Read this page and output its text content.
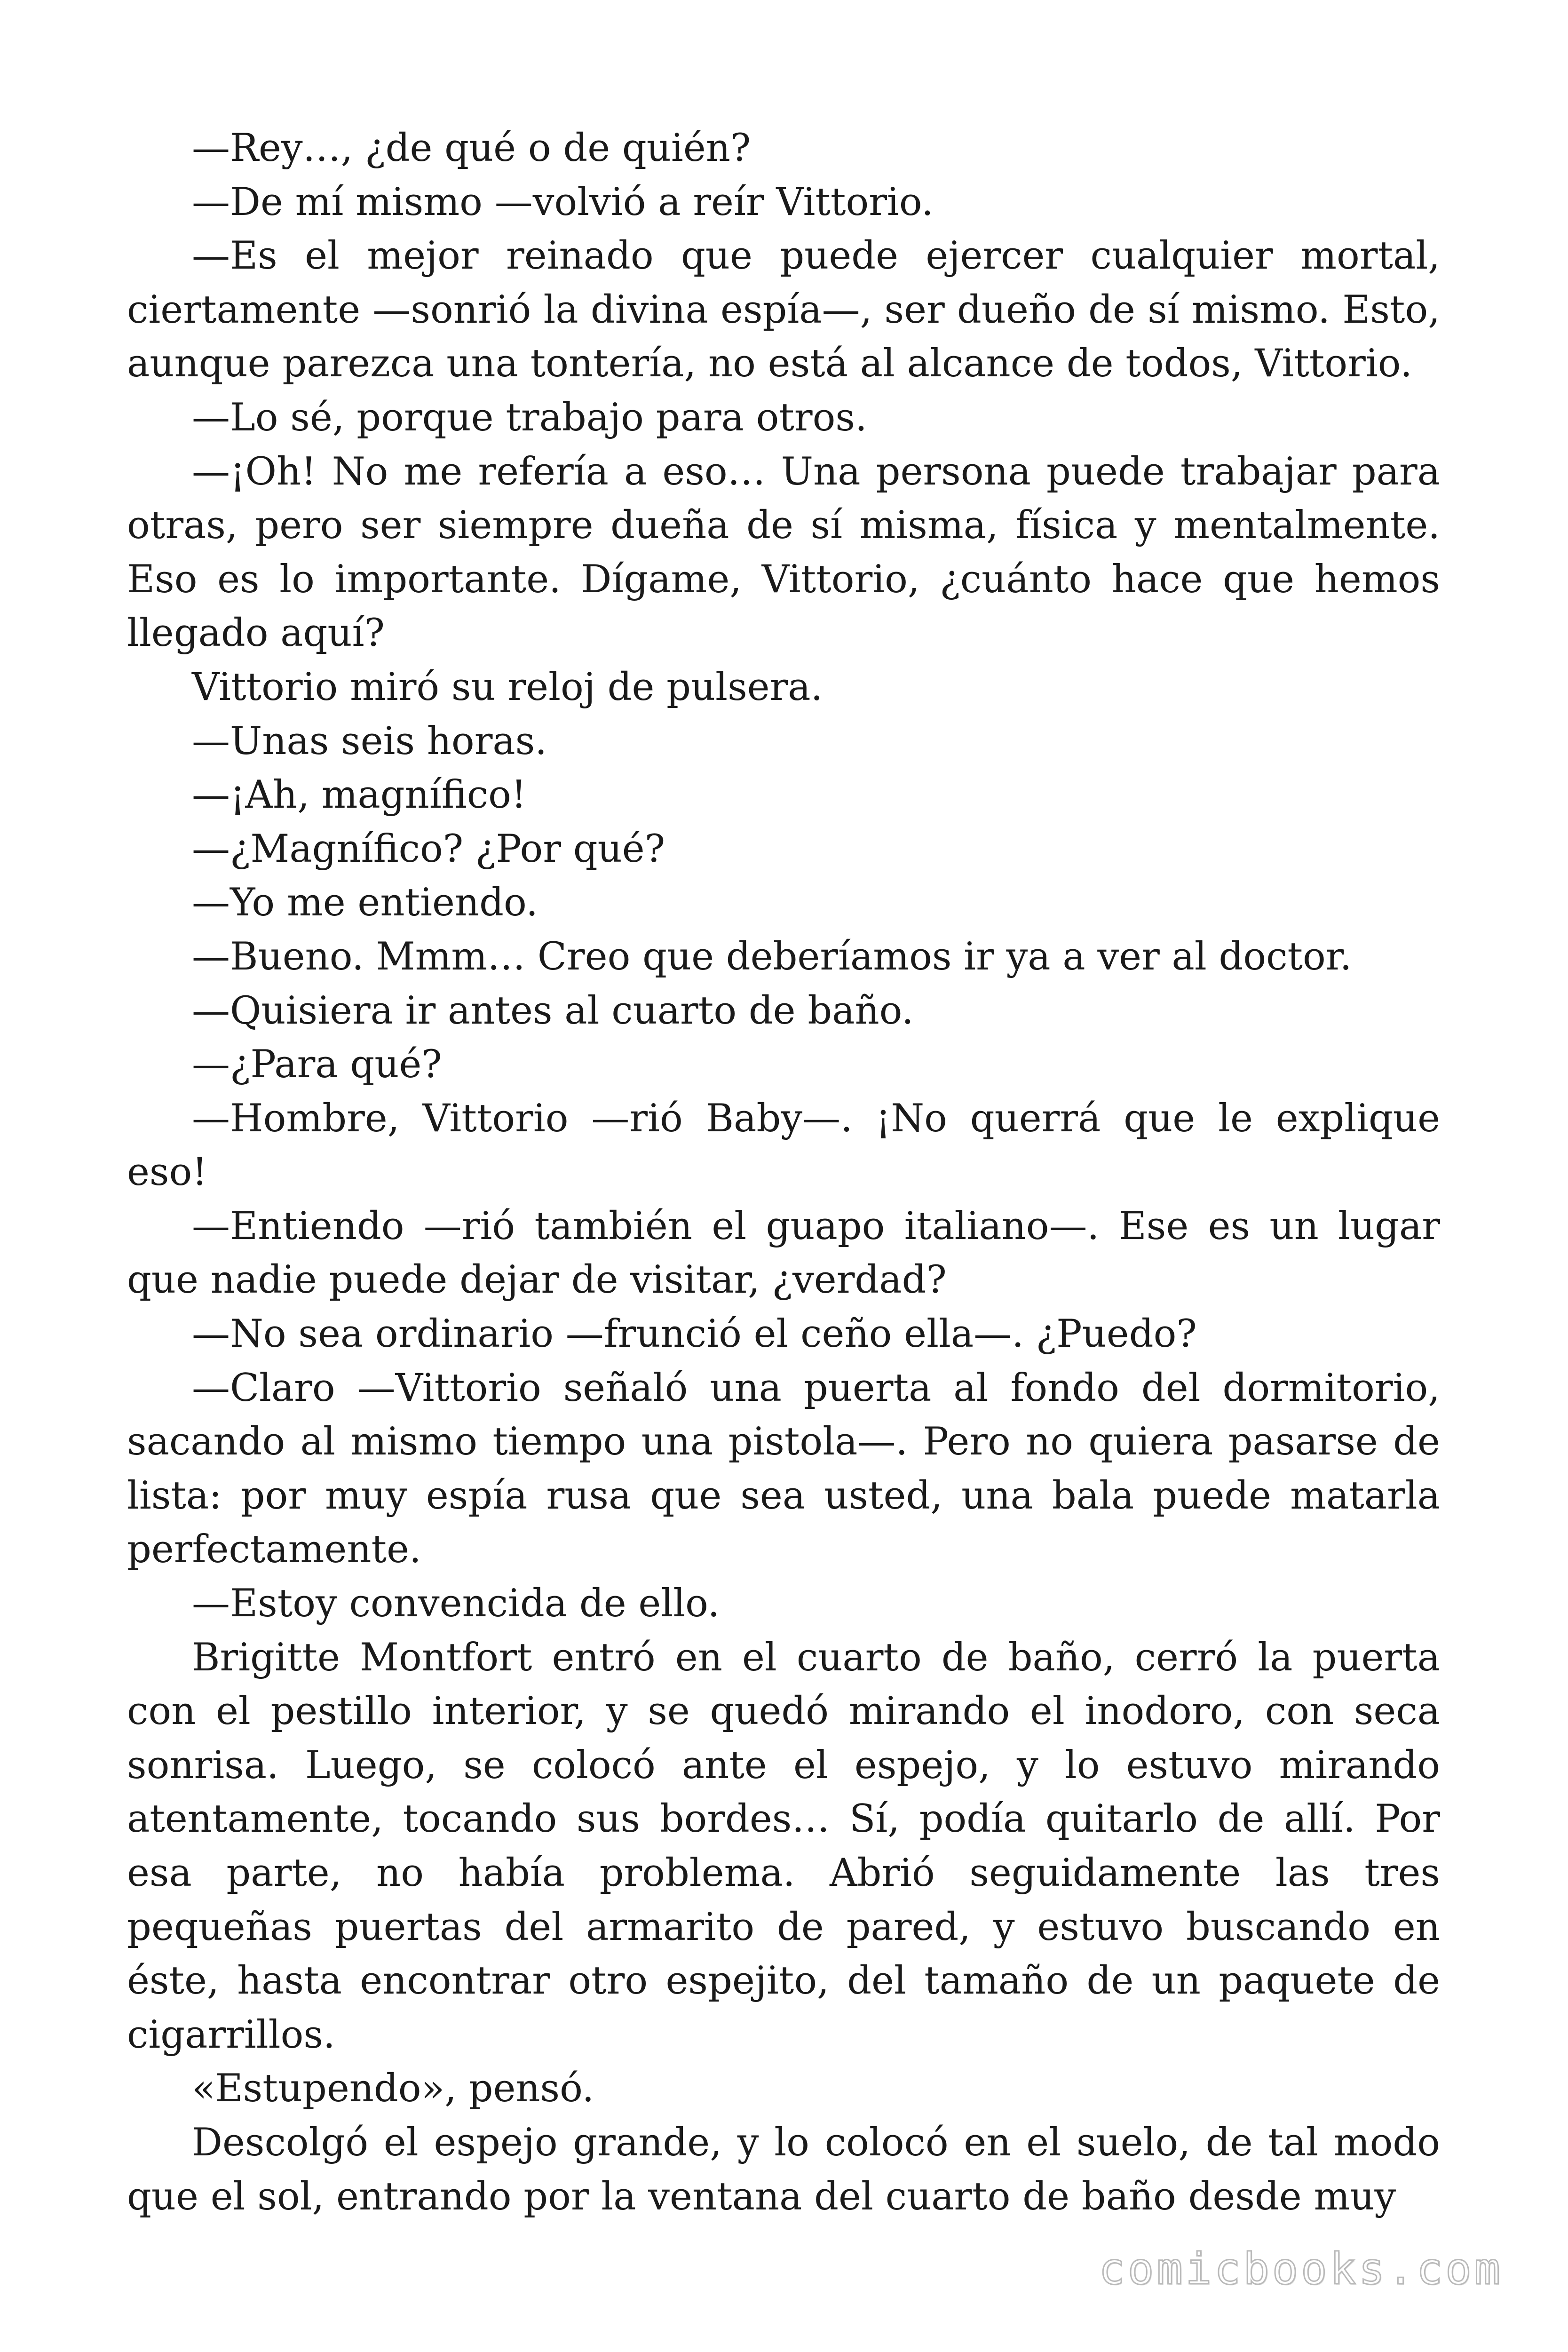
—Rey…, ¿de qué o de quién?

—De mí mismo —volvió a reír Vittorio.

—Es el mejor reinado que puede ejercer cualquier mortal, ciertamente —sonrió la divina espía—, ser dueño de sí mismo. Esto, aunque parezca una tontería, no está al alcance de todos, Vittorio.

—Lo sé, porque trabajo para otros.

—¡Oh! No me refería a eso… Una persona puede trabajar para otras, pero ser siempre dueña de sí misma, física y mentalmente. Eso es lo importante. Dígame, Vittorio, ¿cuánto hace que hemos llegado aquí?

Vittorio miró su reloj de pulsera.

—Unas seis horas.

—¡Ah, magnífico!

—¿Magnífico? ¿Por qué?

—Yo me entiendo.

—Bueno. Mmm… Creo que deberíamos ir ya a ver al doctor.

—Quisiera ir antes al cuarto de baño.

—¿Para qué?

—Hombre, Vittorio —rió Baby—. ¡No querrá que le explique eso!

—Entiendo —rió también el guapo italiano—. Ese es un lugar que nadie puede dejar de visitar, ¿verdad?

—No sea ordinario —frunció el ceño ella—. ¿Puedo?

—Claro —Vittorio señaló una puerta al fondo del dormitorio, sacando al mismo tiempo una pistola—. Pero no quiera pasarse de lista: por muy espía rusa que sea usted, una bala puede matarla perfectamente.

—Estoy convencida de ello.

Brigitte Montfort entró en el cuarto de baño, cerró la puerta con el pestillo interior, y se quedó mirando el inodoro, con seca sonrisa. Luego, se colocó ante el espejo, y lo estuvo mirando atentamente, tocando sus bordes… Sí, podía quitarlo de allí. Por esa parte, no había problema. Abrió seguidamente las tres pequeñas puertas del armarito de pared, y estuvo buscando en éste, hasta encontrar otro espejito, del tamaño de un paquete de cigarrillos.

«Estupendo», pensó.

Descolgó el espejo grande, y lo colocó en el suelo, de tal modo que el sol, entrando por la ventana del cuarto de baño desde muy

comicbooks.com
